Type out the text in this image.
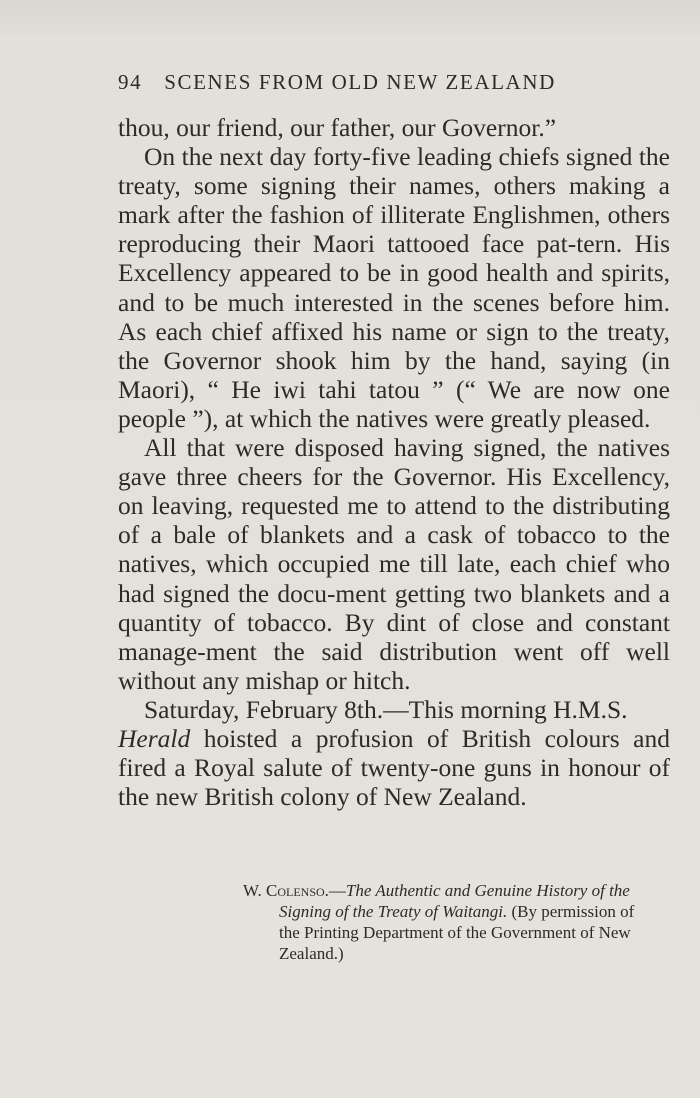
94 SCENES FROM OLD NEW ZEALAND

thou, our friend, our father, our Governor.”

On the next day forty-five leading chiefs signed the treaty, some signing their names, others making a mark after the fashion of illiterate Englishmen, others reproducing their Maori tattooed face pat-tern. His Excellency appeared to be in good health and spirits, and to be much interested in the scenes before him. As each chief affixed his name or sign to the treaty, the Governor shook him by the hand, saying (in Maori), “ He iwi tahi tatou ” (“ We are now one people ”), at which the natives were greatly pleased.

All that were disposed having signed, the natives gave three cheers for the Governor. His Excellency, on leaving, requested me to attend to the distributing of a bale of blankets and a cask of tobacco to the natives, which occupied me till late, each chief who had signed the docu-ment getting two blankets and a quantity of tobacco. By dint of close and constant manage-ment the said distribution went off well without any mishap or hitch.

Saturday, February 8th.—This morning H.M.S.
Herald hoisted a profusion of British colours and fired a Royal salute of twenty-one guns in honour of the new British colony of New Zealand.

W. Colenso.—The Authentic and Genuine History of the Signing of the Treaty of Waitangi. (By permission of the Printing Department of the Government of New Zealand.)
